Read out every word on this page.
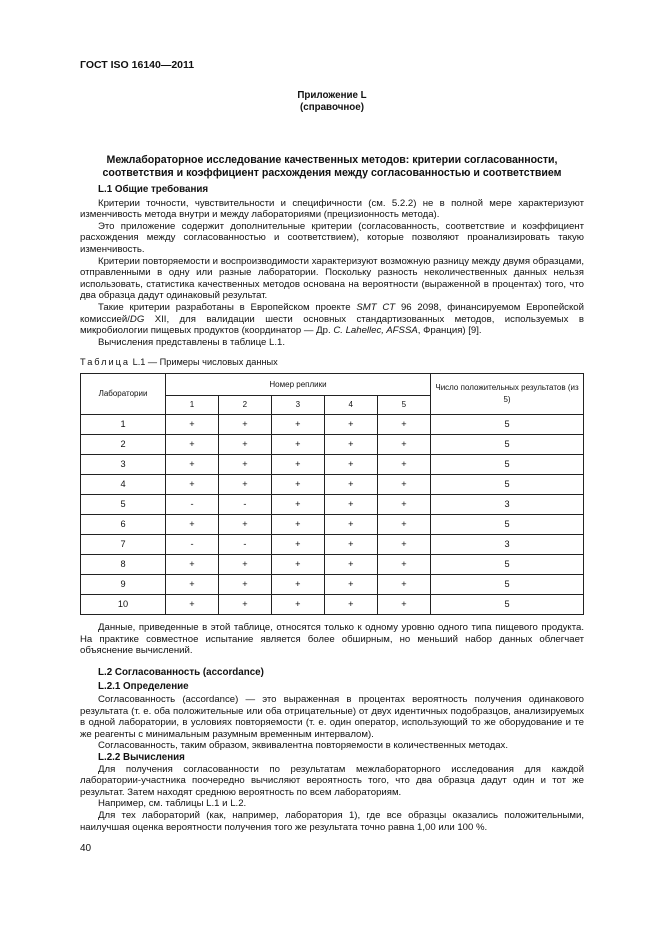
ГОСТ ISO 16140—2011
Приложение L
(справочное)
Межлабораторное исследование качественных методов: критерии согласованности,
соответствия и коэффициент расхождения между согласованностью и соответствием
L.1 Общие требования

Критерии точности, чувствительности и специфичности (см. 5.2.2) не в полной мере характеризуют изменчивость метода внутри и между лабораториями (прецизионность метода).

Это приложение содержит дополнительные критерии (согласованность, соответствие и коэффициент расхождения между согласованностью и соответствием), которые позволяют проанализировать такую изменчивость.

Критерии повторяемости и воспроизводимости характеризуют возможную разницу между двумя образцами, отправленными в одну или разные лаборатории. Поскольку разность неколичественных данных нельзя использовать, статистика качественных методов основана на вероятности (выраженной в процентах) того, что два образца дадут одинаковый результат.

Такие критерии разработаны в Европейском проекте SMT CT 96 2098, финансируемом Европейской комиссией/DG XII, для валидации шести основных стандартизованных методов, используемых в микробиологии пищевых продуктов (координатор — Др. C. Lahellec, AFSSA, Франция) [9].

Вычисления представлены в таблице L.1.

Таблица L.1 — Примеры числовых данных
Лаборатории	Номер реплики					Число положительных результатов (из 5)
	1	2	3	4	5	
1	+	+	+	+	+	5
2	+	+	+	+	+	5
3	+	+	+	+	+	5
4	+	+	+	+	+	5
5	-	-	+	+	+	3
6	+	+	+	+	+	5
7	-	-	+	+	+	3
8	+	+	+	+	+	5
9	+	+	+	+	+	5
10	+	+	+	+	+	5

Данные, приведенные в этой таблице, относятся только к одному уровню одного типа пищевого продукта. На практике совместное испытание является более обширным, но меньший набор данных облегчает объяснение вычислений.

L.2 Согласованность (accordance)
L.2.1 Определение

Согласованность (accordance) — это выраженная в процентах вероятность получения одинакового результата (т. е. оба положительные или оба отрицательные) от двух идентичных подобразцов, анализируемых в одной лаборатории, в условиях повторяемости (т. е. один оператор, использующий то же оборудование и те же реагенты с минимальным разумным временным интервалом).

Согласованность, таким образом, эквивалентна повторяемости в количественных методах.

L.2.2 Вычисления

Для получения согласованности по результатам межлабораторного исследования для каждой лаборатории-участника поочередно вычисляют вероятность того, что два образца дадут один и тот же результат. Затем находят среднюю вероятность по всем лабораториям.

Например, см. таблицы L.1 и L.2.

Для тех лабораторий (как, например, лаборатория 1), где все образцы оказались положительными, наилучшая оценка вероятности получения того же результата точно равна 1,00 или 100 %.

40
